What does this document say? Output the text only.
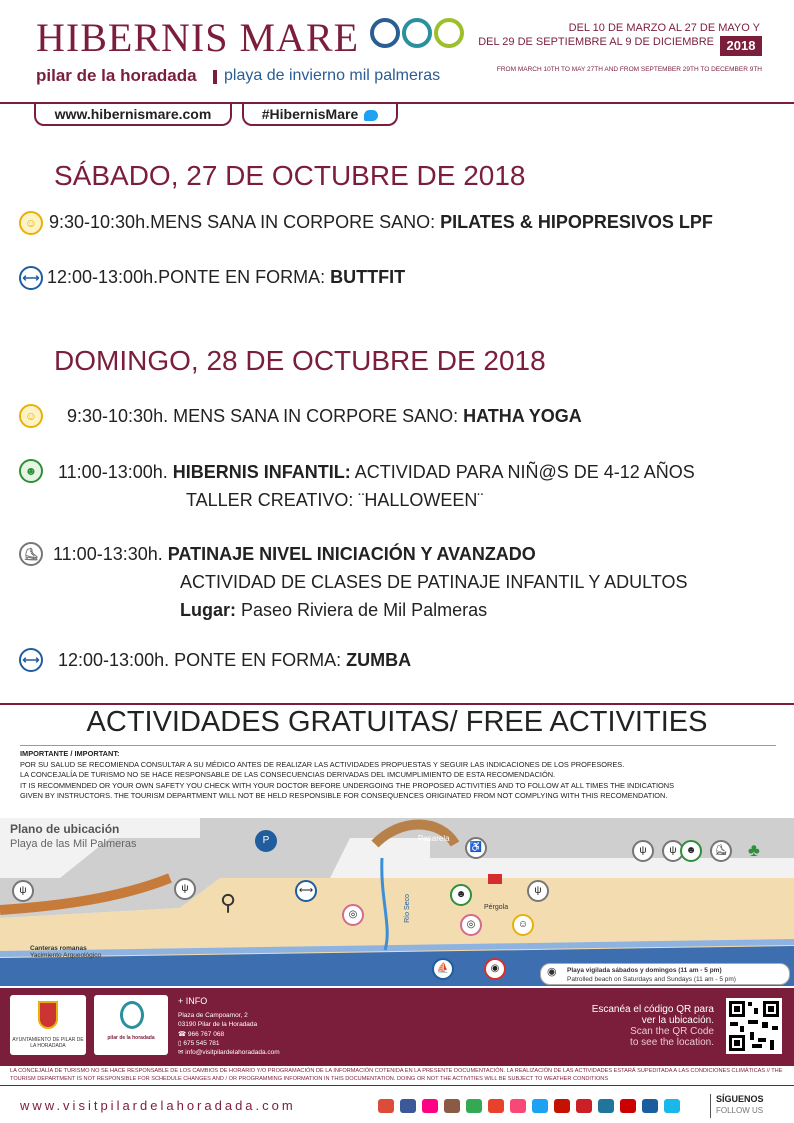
HIBERNIS MARE
pilar de la horadada playa de invierno mil palmeras
DEL 10 DE MARZO AL 27 DE MAYO Y
DEL 29 DE SEPTIEMBRE AL 9 DE DICIEMBRE 2018
FROM MARCH 10TH TO MAY 27TH AND FROM SEPTEMBER 29TH TO DECEMBER 9TH
www.hibernismare.com	#HibernisMare
SÁBADO, 27 DE OCTUBRE DE 2018
☺ 9:30-10:30h.MENS SANA IN CORPORE SANO: PILATES & HIPOPRESIVOS LPF
⟷ 12:00-13:00h.PONTE EN FORMA: BUTTFIT
DOMINGO, 28 DE OCTUBRE DE 2018
☺	9:30-10:30h. MENS SANA IN CORPORE SANO: HATHA YOGA
☻	11:00-13:00h. HIBERNIS INFANTIL: ACTIVIDAD PARA NIÑ@S DE 4-12 AÑOS
TALLER CREATIVO: ¨HALLOWEEN¨
⛸ 11:00-13:30h. PATINAJE NIVEL INICIACIÓN Y AVANZADO
ACTIVIDAD DE CLASES DE PATINAJE INFANTIL Y ADULTOS
Lugar: Paseo Riviera de Mil Palmeras
⟷ 12:00-13:00h. PONTE EN FORMA: ZUMBA
ACTIVIDADES GRATUITAS/ FREE ACTIVITIES

IMPORTANTE / IMPORTANT:

POR SU SALUD SE RECOMIENDA CONSULTAR A SU MÉDICO ANTES DE REALIZAR LAS ACTIVIDADES PROPUESTAS Y SEGUIR LAS INDICACIONES DE LOS PROFESORES.

LA CONCEJALÍA DE TURISMO NO SE HACE RESPONSABLE DE LAS CONSECUENCIAS DERIVADAS DEL IMCUMPLIMIENTO DE ESTA RECOMENDACIÓN.

IT IS RECOMMENDED OR YOUR OWN SAFETY YOU CHECK WITH YOUR DOCTOR BEFORE UNDERGOING THE PROPOSED ACTIVITIES AND TO FOLLOW AT ALL TIMES THE INDICATIONS

GIVEN BY INSTRUCTORS. THE TOURISM DEPARTMENT WILL NOT BE HELD RESPONSIBLE FOR CONSEQUENCES ORIGINATED FROM NOT COMPLYING WITH THIS RECOMENDATION.

Plano de ubicación
Playa de las Mil Palmeras	Pasarela
Río Seco	Pérgola
P
♿	ψ	ψ ☻	⛸ ♣
ψ	ψ
⚲	⟷
◎
☻
◎
ψ
☺
⛵	◉
Canteras romanas
Yacimiento Arqueológico
◉ Playa vigilada sábados y domingos (11 am - 5 pm)
Patrolled beach on Saturdays and Sundays (11 am - 5 pm)
AYUNTAMIENTO DE PILAR DE LA HORADADA
pilar de la horadada
+ INFO
Plaza de Campoamor, 2
03190 Pilar de la Horadada
☎ 966 767 068
▯ 675 545 781
✉ info@visitpilardelahoradada.com
Escanéa el código QR para
ver la ubicación.
Scan the QR Code
to see the location.
LA CONCEJALÍA DE TURISMO NO SE HACE RESPONSABLE DE LOS CAMBIOS DE HORARIO Y/O PROGRAMACIÓN DE LA INFORMACIÓN COTENIDA EN LA PRESENTE DOCUMENTACIÓN. LA REALIZACIÓN DE LAS ACTIVIDADES ESTARÁ SUPEDITADA A LAS CONDICIONES CLIMÁTICAS // THE TOURISM DEPARTMENT IS NOT RESPONSIBLE FOR SCHEDULE CHANGES AND / OR PROGRAMMING INFORMATION IN THIS DOCUMENTATION. DOING OR NOT THE ACTIVITIES WILL BE SUBJECT TO WEATHER CONDITIONS
www.visitpilardelahoradada.com	SÍGUENOS
FOLLOW US
